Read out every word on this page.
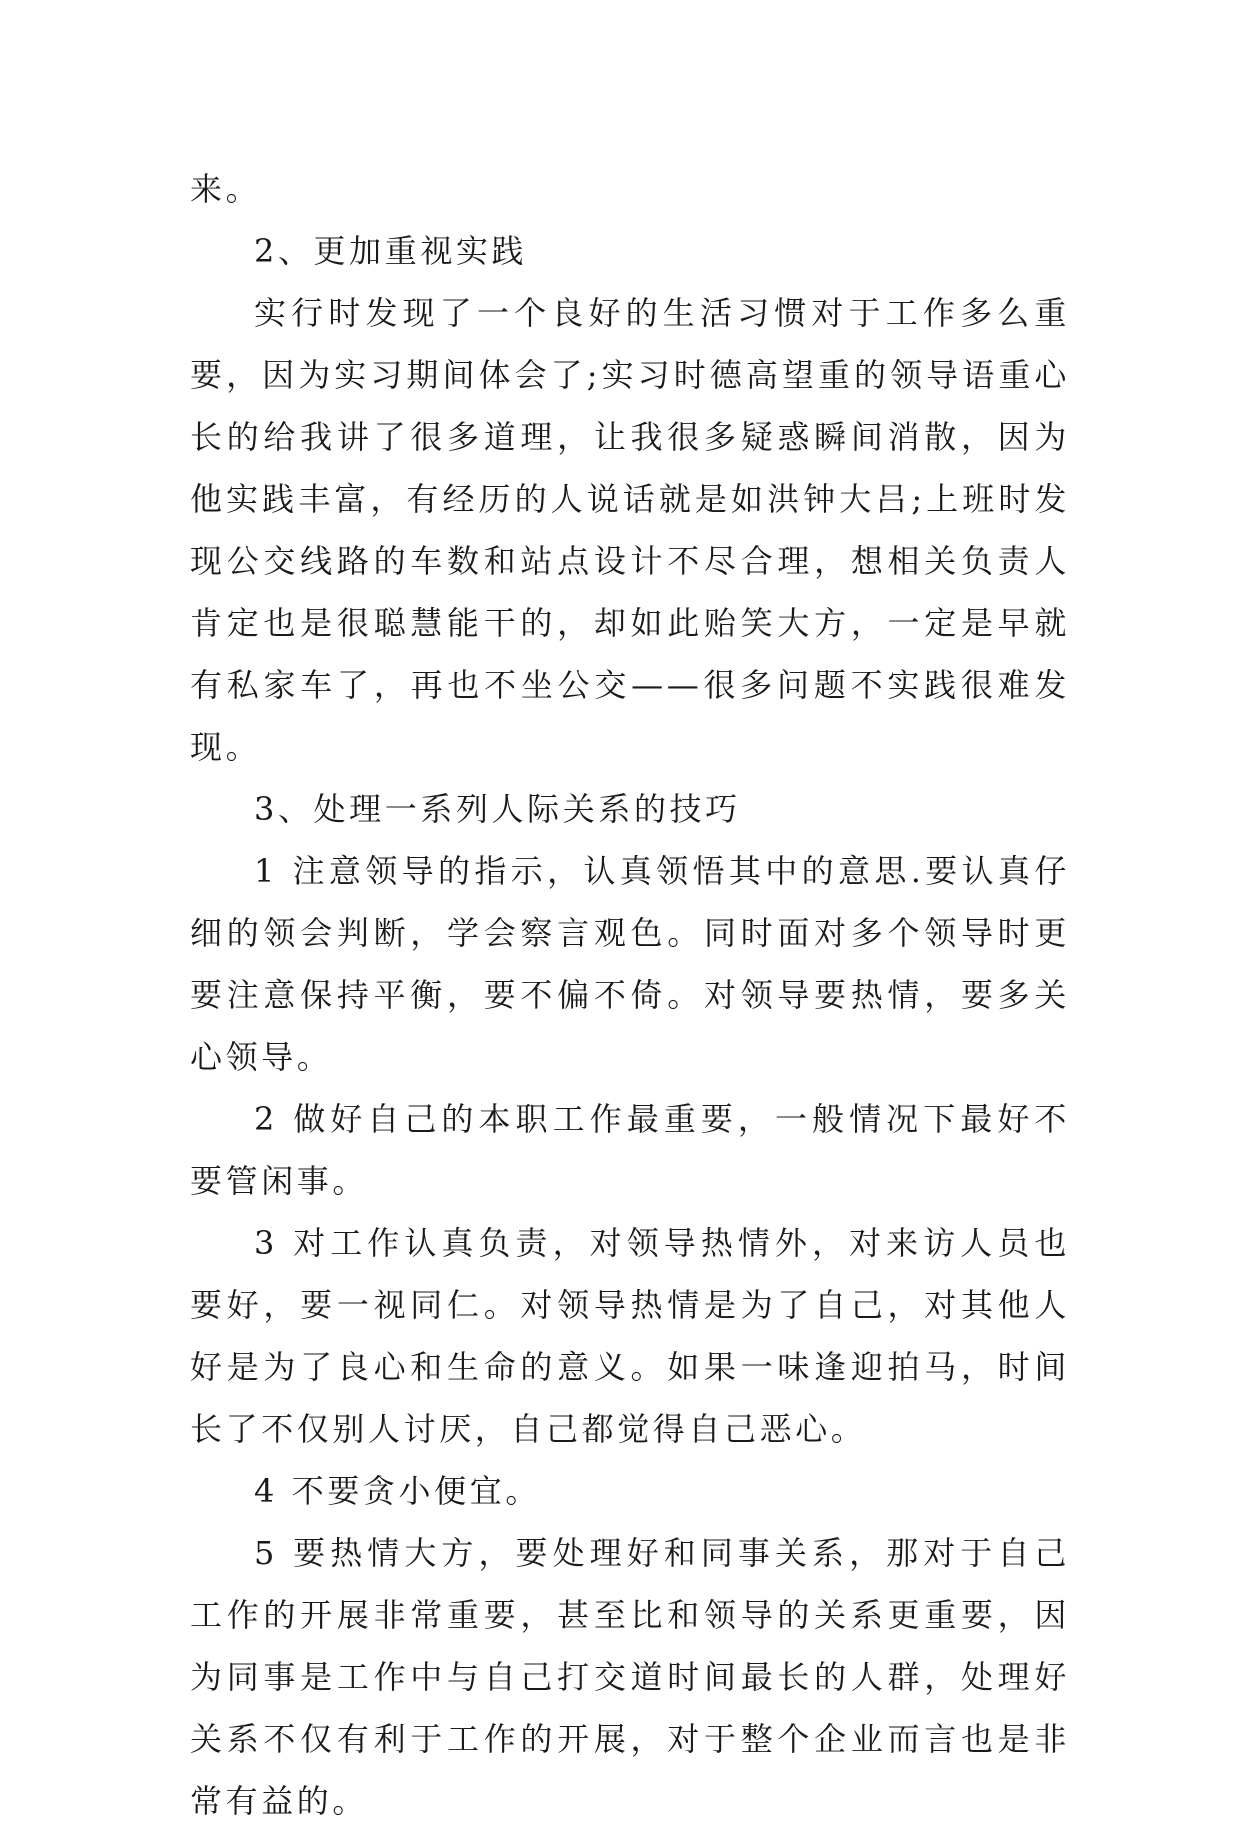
来。

2、更加重视实践

实行时发现了一个良好的生活习惯对于工作多么重要，因为实习期间体会了;实习时德高望重的领导语重心长的给我讲了很多道理，让我很多疑惑瞬间消散，因为他实践丰富，有经历的人说话就是如洪钟大吕;上班时发现公交线路的车数和站点设计不尽合理，想相关负责人肯定也是很聪慧能干的，却如此贻笑大方，一定是早就有私家车了，再也不坐公交——很多问题不实践很难发现。

3、处理一系列人际关系的技巧

1 注意领导的指示，认真领悟其中的意思.要认真仔细的领会判断，学会察言观色。同时面对多个领导时更要注意保持平衡，要不偏不倚。对领导要热情，要多关心领导。

2 做好自己的本职工作最重要，一般情况下最好不要管闲事。

3 对工作认真负责，对领导热情外，对来访人员也要好，要一视同仁。对领导热情是为了自己，对其他人好是为了良心和生命的意义。如果一味逢迎拍马，时间长了不仅别人讨厌，自己都觉得自己恶心。

4 不要贪小便宜。

5 要热情大方，要处理好和同事关系，那对于自己工作的开展非常重要，甚至比和领导的关系更重要，因为同事是工作中与自己打交道时间最长的人群，处理好关系不仅有利于工作的开展，对于整个企业而言也是非常有益的。
